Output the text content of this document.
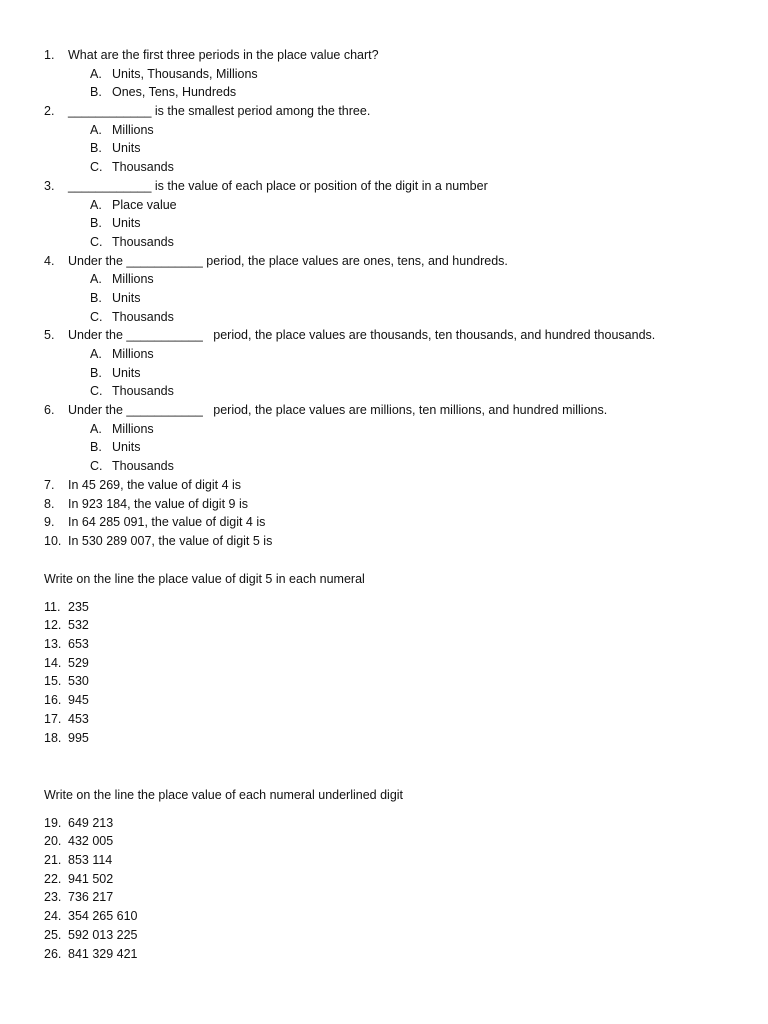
1. What are the first three periods in the place value chart?
A. Units, Thousands, Millions
B. Ones, Tens, Hundreds
2. ____________ is the smallest period among the three.
A. Millions
B. Units
C. Thousands
3. ____________ is the value of each place or position of the digit in a number
A. Place value
B. Units
C. Thousands
4. Under the ___________ period, the place values are ones, tens, and hundreds.
A. Millions
B. Units
C. Thousands
5. Under the ___________   period, the place values are thousands, ten thousands, and hundred thousands.
A. Millions
B. Units
C. Thousands
6. Under the ___________   period, the place values are millions, ten millions, and hundred millions.
A. Millions
B. Units
C. Thousands
7. In 45 269, the value of digit 4 is
8. In 923 184, the value of digit 9 is
9. In 64 285 091, the value of digit 4 is
10. In 530 289 007, the value of digit 5 is
Write on the line the place value of digit 5 in each numeral
11. 235
12. 532
13. 653
14. 529
15. 530
16. 945
17. 453
18. 995
Write on the line the place value of each numeral underlined digit
19. 649 213
20. 432 005
21. 853 114
22. 941 502
23. 736 217
24. 354 265 610
25. 592 013 225
26. 841 329 421
